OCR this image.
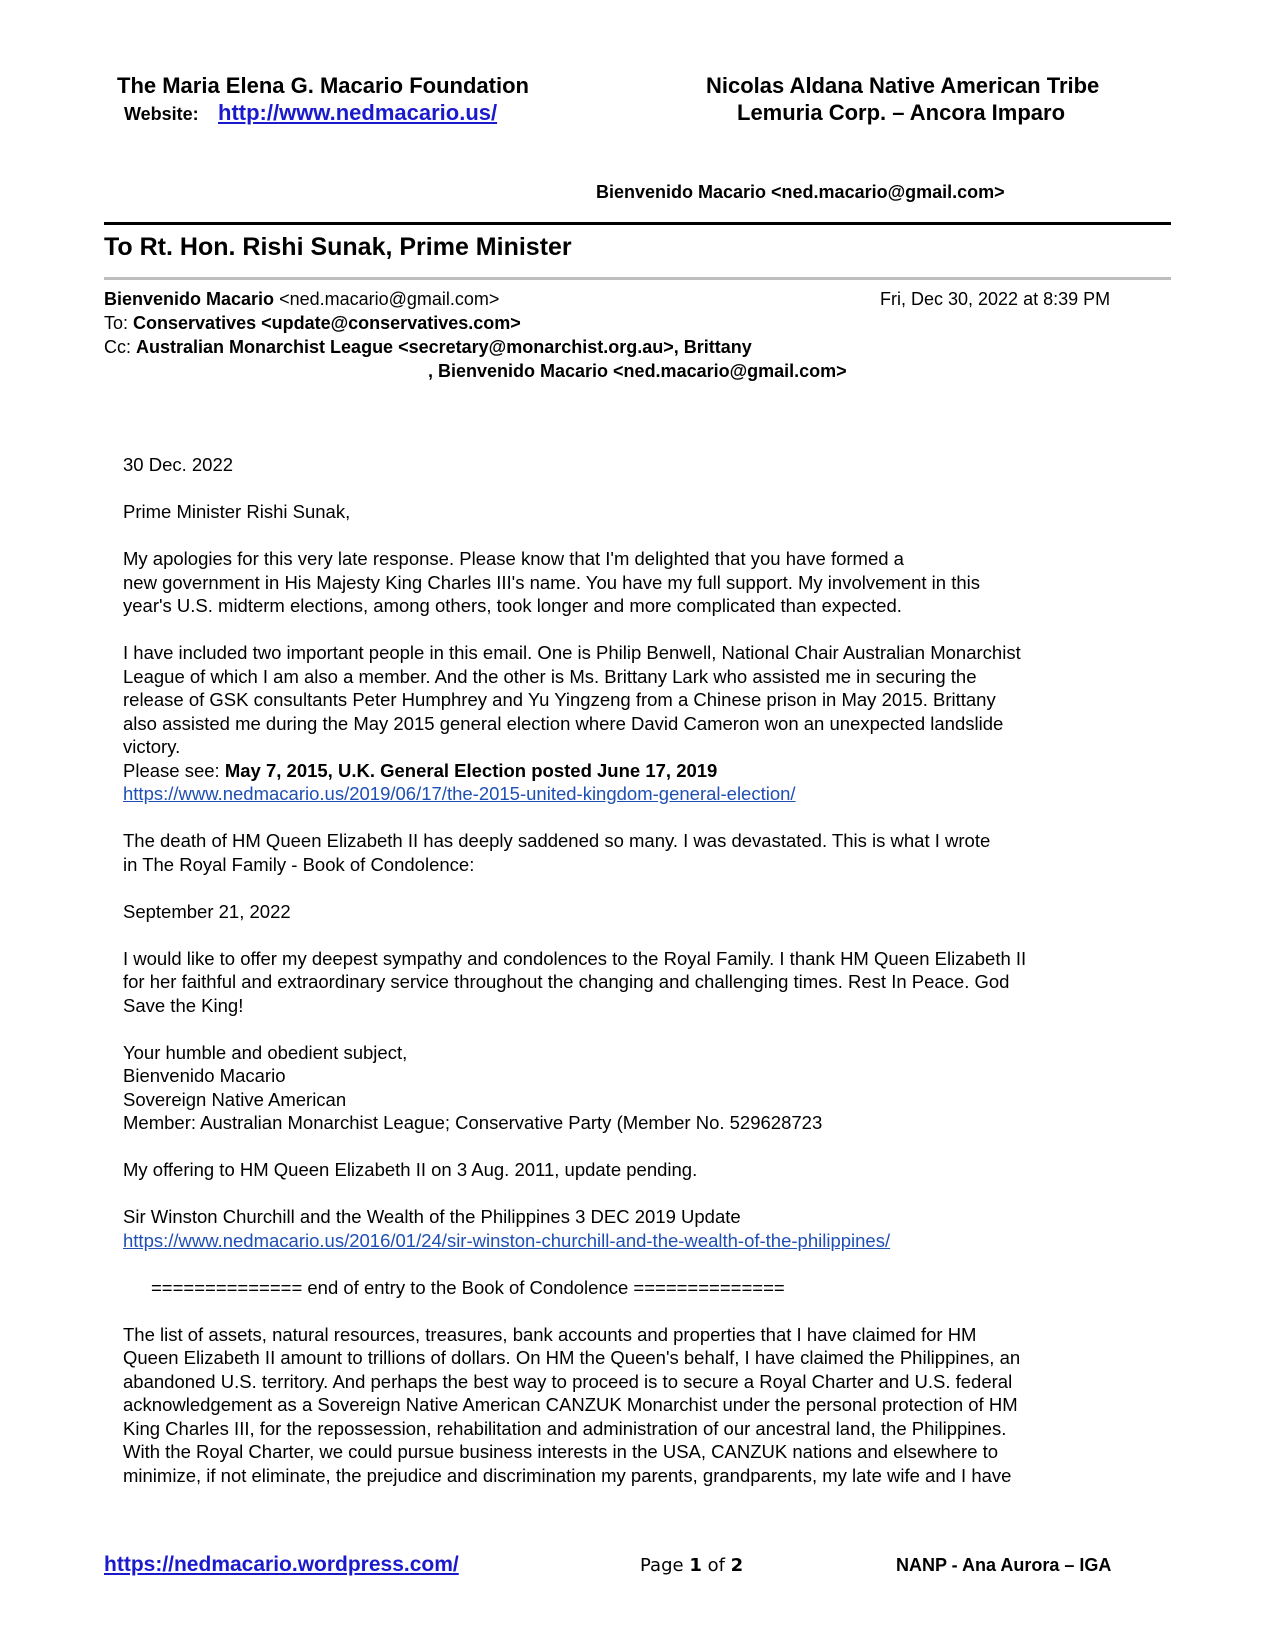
The Maria Elena G. Macario Foundation
Website: http://www.nedmacario.us/
Nicolas Aldana Native American Tribe
Lemuria Corp. – Ancora Imparo
Bienvenido Macario <ned.macario@gmail.com>
To Rt. Hon. Rishi Sunak, Prime Minister
Bienvenido Macario <ned.macario@gmail.com>	Fri, Dec 30, 2022 at 8:39 PM
To: Conservatives <update@conservatives.com>
Cc: Australian Monarchist League <secretary@monarchist.org.au>, Brittany
, Bienvenido Macario <ned.macario@gmail.com>

30 Dec. 2022

Prime Minister Rishi Sunak,

My apologies for this very late response. Please know that I'm delighted that you have formed a

new government in His Majesty King Charles III's name. You have my full support. My involvement in this

year's U.S. midterm elections, among others, took longer and more complicated than expected.

I have included two important people in this email. One is Philip Benwell, National Chair Australian Monarchist

League of which I am also a member. And the other is Ms. Brittany Lark who assisted me in securing the

release of GSK consultants Peter Humphrey and Yu Yingzeng from a Chinese prison in May 2015. Brittany

also assisted me during the May 2015 general election where David Cameron won an unexpected landslide

victory.

Please see: May 7, 2015, U.K. General Election posted June 17, 2019

https://www.nedmacario.us/2019/06/17/the-2015-united-kingdom-general-election/

The death of HM Queen Elizabeth II has deeply saddened so many. I was devastated. This is what I wrote

in The Royal Family - Book of Condolence:

September 21, 2022

I would like to offer my deepest sympathy and condolences to the Royal Family. I thank HM Queen Elizabeth II

for her faithful and extraordinary service throughout the changing and challenging times. Rest In Peace. God

Save the King!

Your humble and obedient subject,

Bienvenido Macario

Sovereign Native American

Member: Australian Monarchist League; Conservative Party (Member No. 529628723

My offering to HM Queen Elizabeth II on 3 Aug. 2011, update pending.

Sir Winston Churchill and the Wealth of the Philippines 3 DEC 2019 Update

https://www.nedmacario.us/2016/01/24/sir-winston-churchill-and-the-wealth-of-the-philippines/

============== end of entry to the Book of Condolence ==============

The list of assets, natural resources, treasures, bank accounts and properties that I have claimed for HM

Queen Elizabeth II amount to trillions of dollars. On HM the Queen's behalf, I have claimed the Philippines, an

abandoned U.S. territory. And perhaps the best way to proceed is to secure a Royal Charter and U.S. federal

acknowledgement as a Sovereign Native American CANZUK Monarchist under the personal protection of HM

King Charles III, for the repossession, rehabilitation and administration of our ancestral land, the Philippines.

With the Royal Charter, we could pursue business interests in the USA, CANZUK nations and elsewhere to

minimize, if not eliminate, the prejudice and discrimination my parents, grandparents, my late wife and I have

https://nedmacario.wordpress.com/	Page 1 of 2	NANP - Ana Aurora – IGA
